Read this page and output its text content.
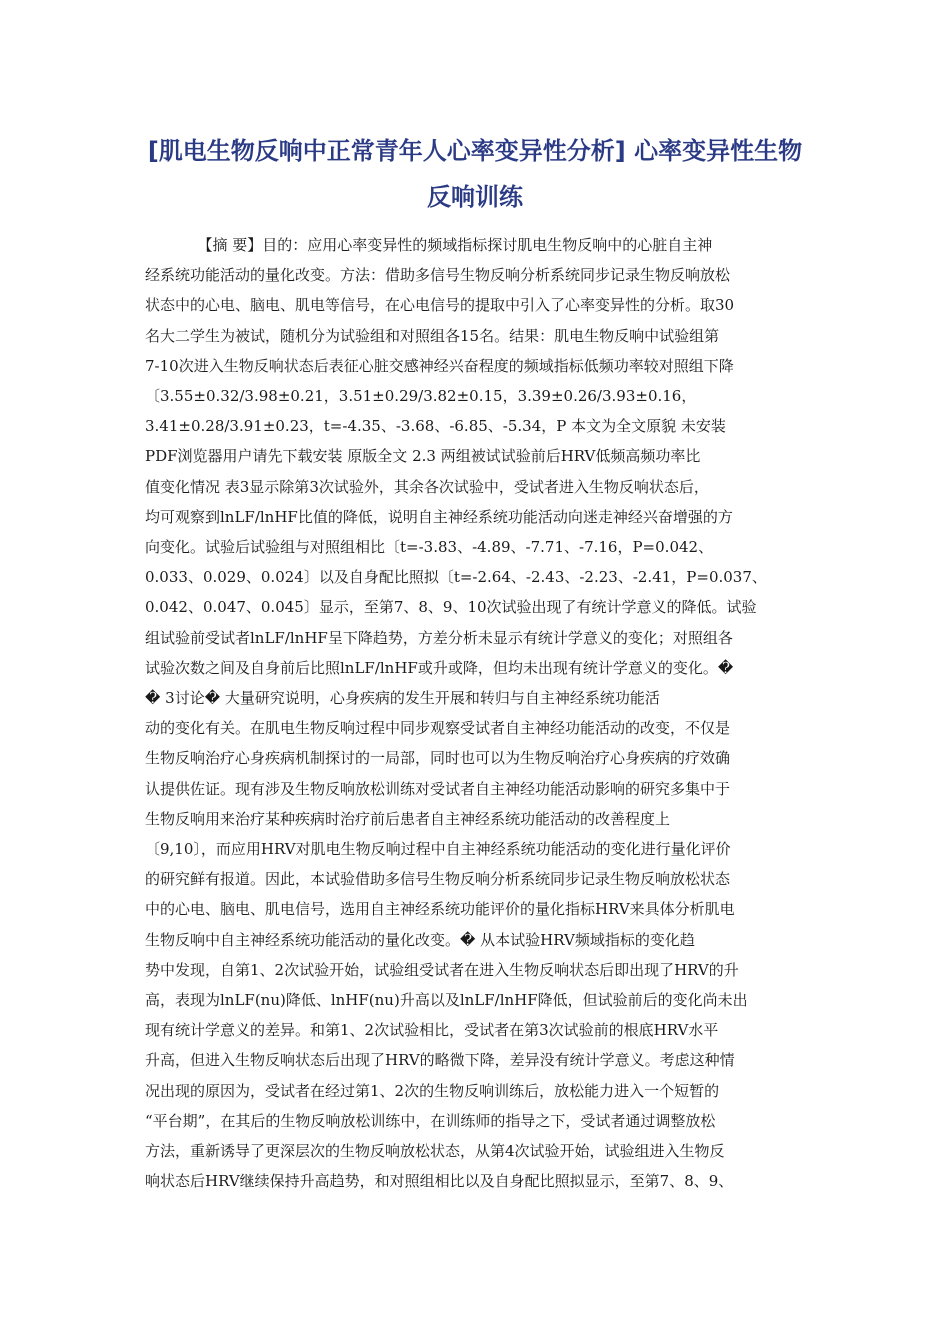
[肌电生物反响中正常青年人心率变异性分析] 心率变异性生物
反响训练
　　　　【摘 要】目的：应用心率变异性的频域指标探讨肌电生物反响中的心脏自主神
经系统功能活动的量化改变。方法：借助多信号生物反响分析系统同步记录生物反响放松
状态中的心电、脑电、肌电等信号，在心电信号的提取中引入了心率变异性的分析。取30
名大二学生为被试，随机分为试验组和对照组各15名。结果：肌电生物反响中试验组第
7-10次进入生物反响状态后表征心脏交感神经兴奋程度的频域指标低频功率较对照组下降
〔3.55±0.32/3.98±0.21，3.51±0.29/3.82±0.15，3.39±0.26/3.93±0.16，
3.41±0.28/3.91±0.23，t=-4.35、-3.68、-6.85、-5.34，P 本文为全文原貌 未安装
PDF浏览器用户请先下载安装 原版全文 2.3 两组被试试验前后HRV低频高频功率比
值变化情况 表3显示除第3次试验外，其余各次试验中，受试者进入生物反响状态后，
均可观察到lnLF/lnHF比值的降低，说明自主神经系统功能活动向迷走神经兴奋增强的方
向变化。试验后试验组与对照组相比〔t=-3.83、-4.89、-7.71、-7.16，P=0.042、
0.033、0.029、0.024〕以及自身配比照拟〔t=-2.64、-2.43、-2.23、-2.41，P=0.037、
0.042、0.047、0.045〕显示，至第7、8、9、10次试验出现了有统计学意义的降低。试验
组试验前受试者lnLF/lnHF呈下降趋势，方差分析未显示有统计学意义的变化；对照组各
试验次数之间及自身前后比照lnLF/lnHF或升或降，但均未出现有统计学意义的变化。�
� 3讨论� 大量研究说明，心身疾病的发生开展和转归与自主神经系统功能活
动的变化有关。在肌电生物反响过程中同步观察受试者自主神经功能活动的改变，不仅是
生物反响治疗心身疾病机制探讨的一局部，同时也可以为生物反响治疗心身疾病的疗效确
认提供佐证。现有涉及生物反响放松训练对受试者自主神经功能活动影响的研究多集中于
生物反响用来治疗某种疾病时治疗前后患者自主神经系统功能活动的改善程度上
〔9,10〕，而应用HRV对肌电生物反响过程中自主神经系统功能活动的变化进行量化评价
的研究鲜有报道。因此，本试验借助多信号生物反响分析系统同步记录生物反响放松状态
中的心电、脑电、肌电信号，选用自主神经系统功能评价的量化指标HRV来具体分析肌电
生物反响中自主神经系统功能活动的量化改变。� 从本试验HRV频域指标的变化趋
势中发现，自第1、2次试验开始，试验组受试者在进入生物反响状态后即出现了HRV的升
高，表现为lnLF(nu)降低、lnHF(nu)升高以及lnLF/lnHF降低，但试验前后的变化尚未出
现有统计学意义的差异。和第1、2次试验相比，受试者在第3次试验前的根底HRV水平
升高，但进入生物反响状态后出现了HRV的略微下降，差异没有统计学意义。考虑这种情
况出现的原因为，受试者在经过第1、2次的生物反响训练后，放松能力进入一个短暂的
“平台期”，在其后的生物反响放松训练中，在训练师的指导之下，受试者通过调整放松
方法，重新诱导了更深层次的生物反响放松状态，从第4次试验开始，试验组进入生物反
响状态后HRV继续保持升高趋势，和对照组相比以及自身配比照拟显示，至第7、8、9、
